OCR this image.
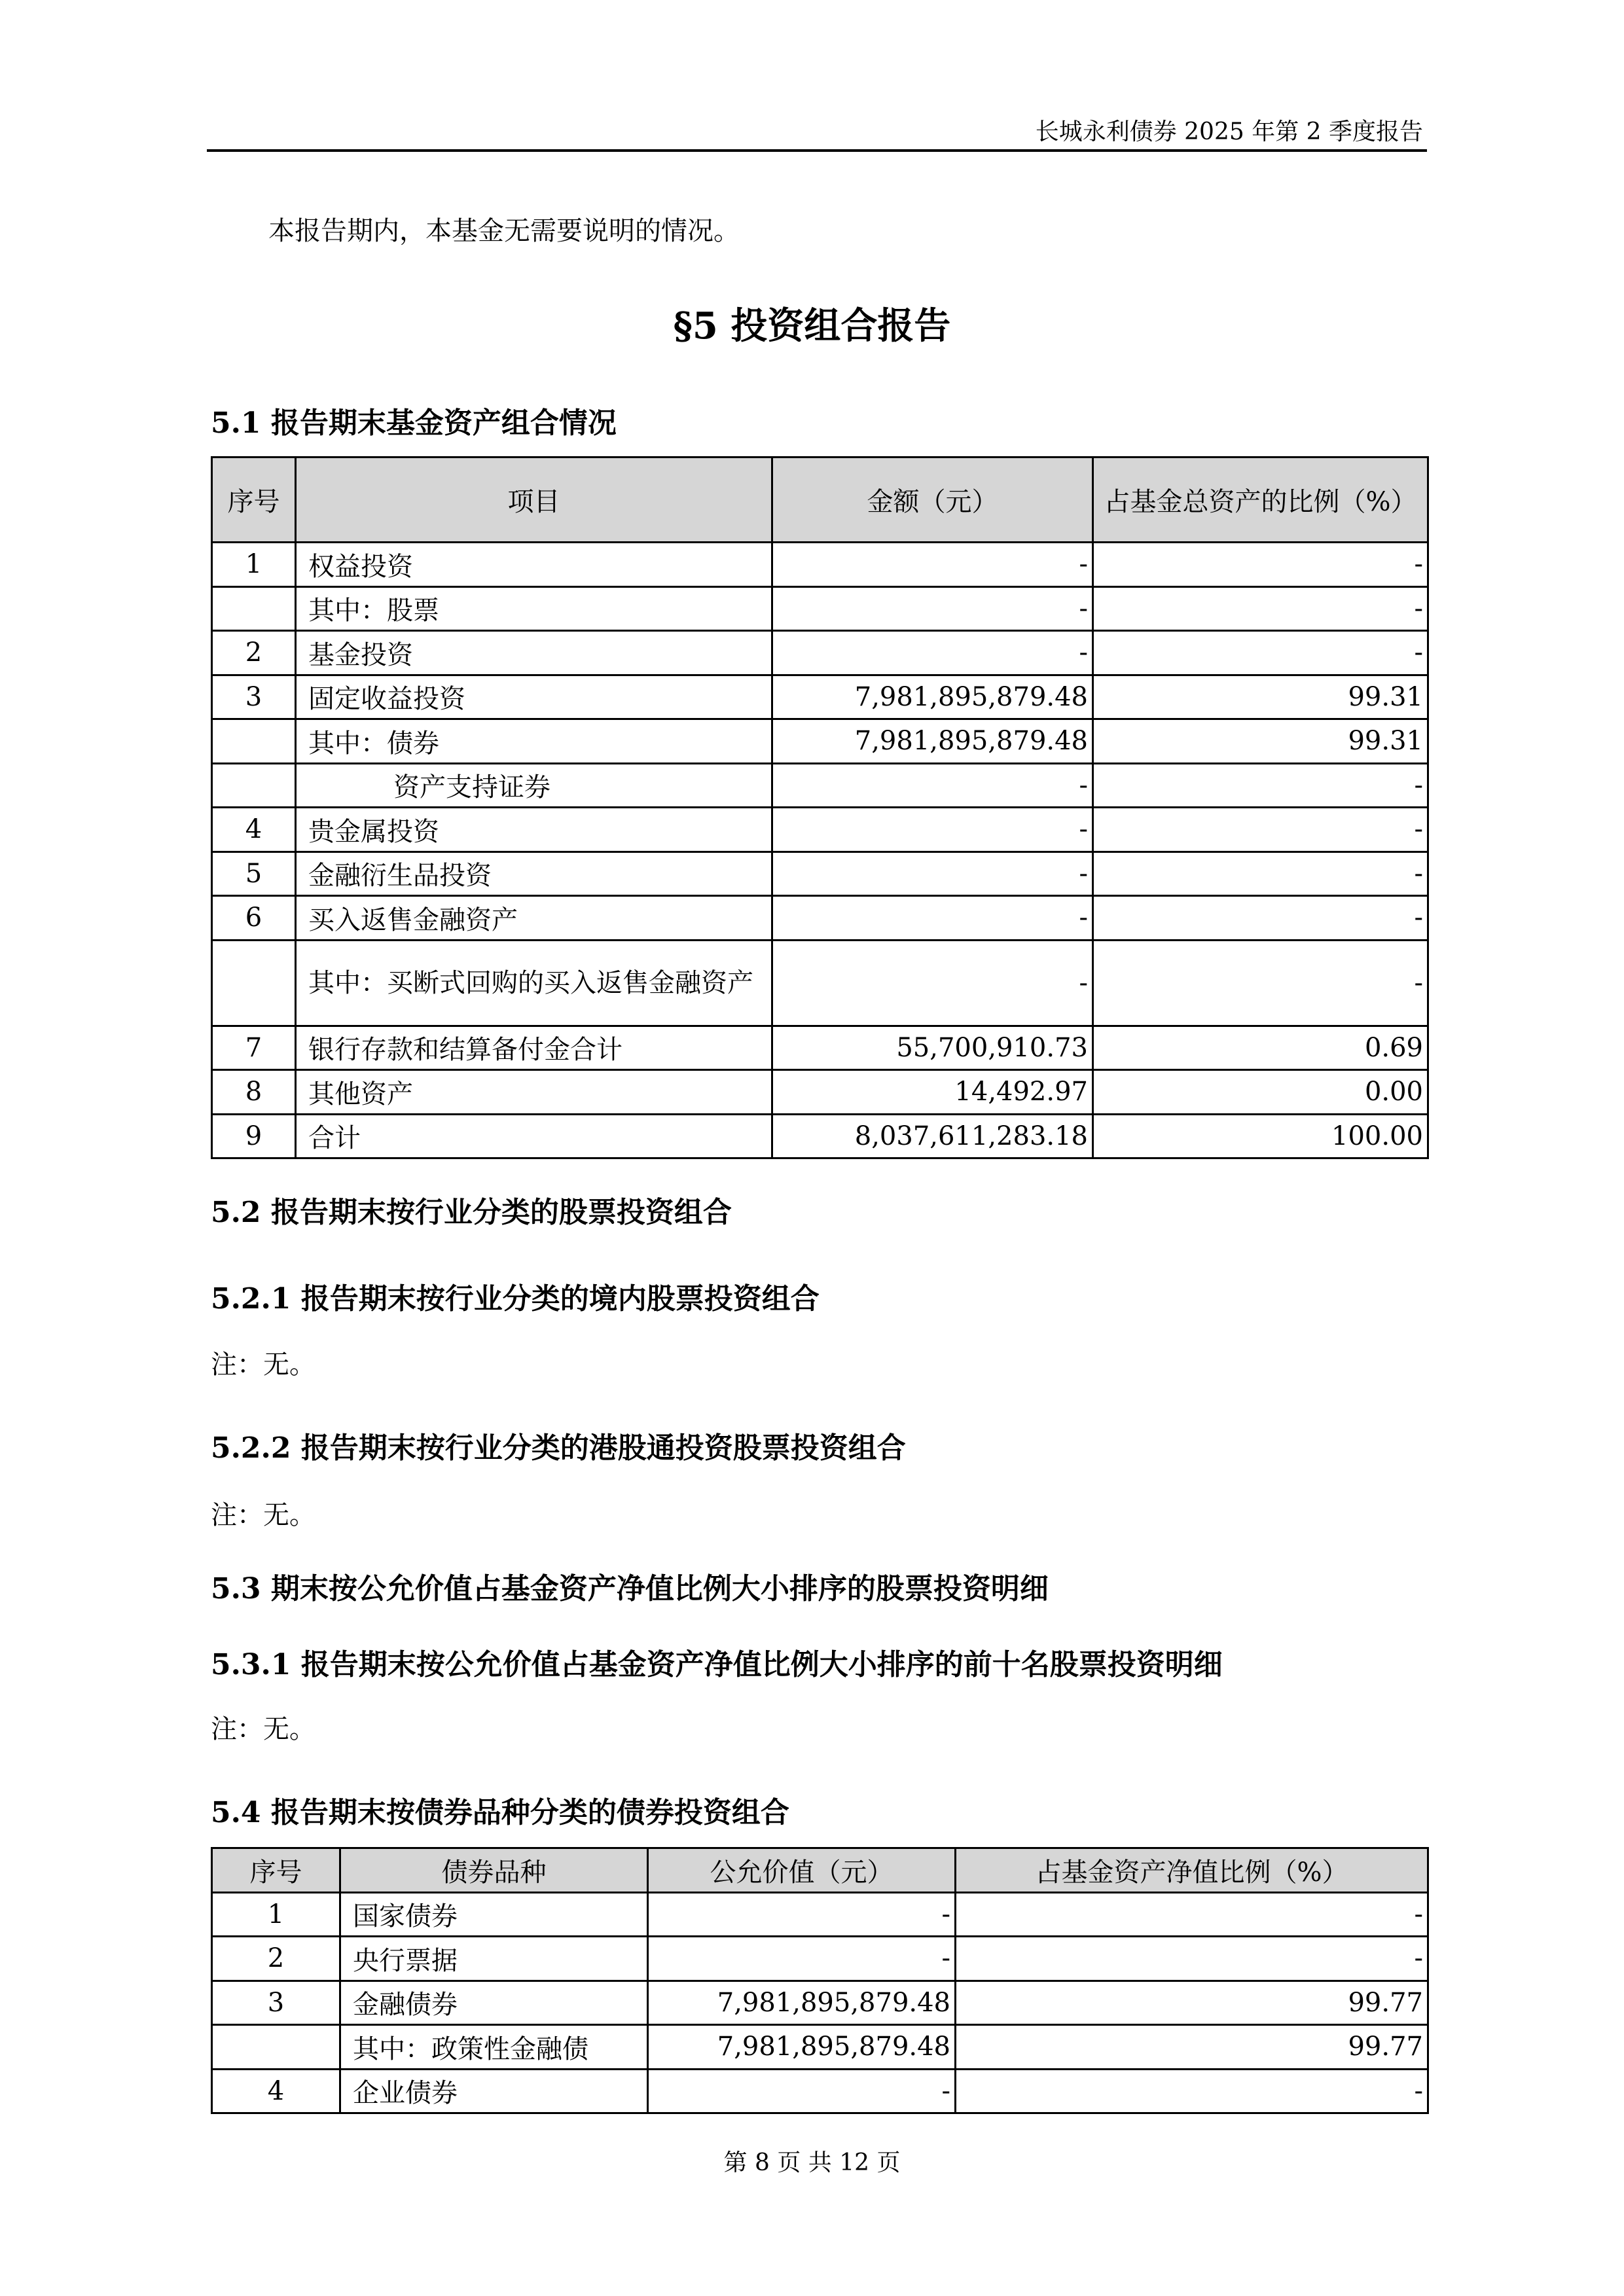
长城永利债券 2025 年第 2 季度报告
本报告期内，本基金无需要说明的情况。
§5 投资组合报告
5.1 报告期末基金资产组合情况
序号	项目	金额（元）	占基金总资产的比例（%）
1	权益投资	-	-
	其中：股票	-	-
2	基金投资	-	-
3	固定收益投资	7,981,895,879.48	99.31
	其中：债券	7,981,895,879.48	99.31
	资产支持证券	-	-
4	贵金属投资	-	-
5	金融衍生品投资	-	-
6	买入返售金融资产	-	-
	其中：买断式回购的买入返售金融资产	-	-
7	银行存款和结算备付金合计	55,700,910.73	0.69
8	其他资产	14,492.97	0.00
9	合计	8,037,611,283.18	100.00
5.2 报告期末按行业分类的股票投资组合
5.2.1 报告期末按行业分类的境内股票投资组合
注：无。
5.2.2 报告期末按行业分类的港股通投资股票投资组合
注：无。
5.3 期末按公允价值占基金资产净值比例大小排序的股票投资明细
5.3.1 报告期末按公允价值占基金资产净值比例大小排序的前十名股票投资明细
注：无。
5.4 报告期末按债券品种分类的债券投资组合
序号	债券品种	公允价值（元）	占基金资产净值比例（%）
1	国家债券	-	-
2	央行票据	-	-
3	金融债券	7,981,895,879.48	99.77
	其中：政策性金融债	7,981,895,879.48	99.77
4	企业债券	-	-
第 8 页 共 12 页
